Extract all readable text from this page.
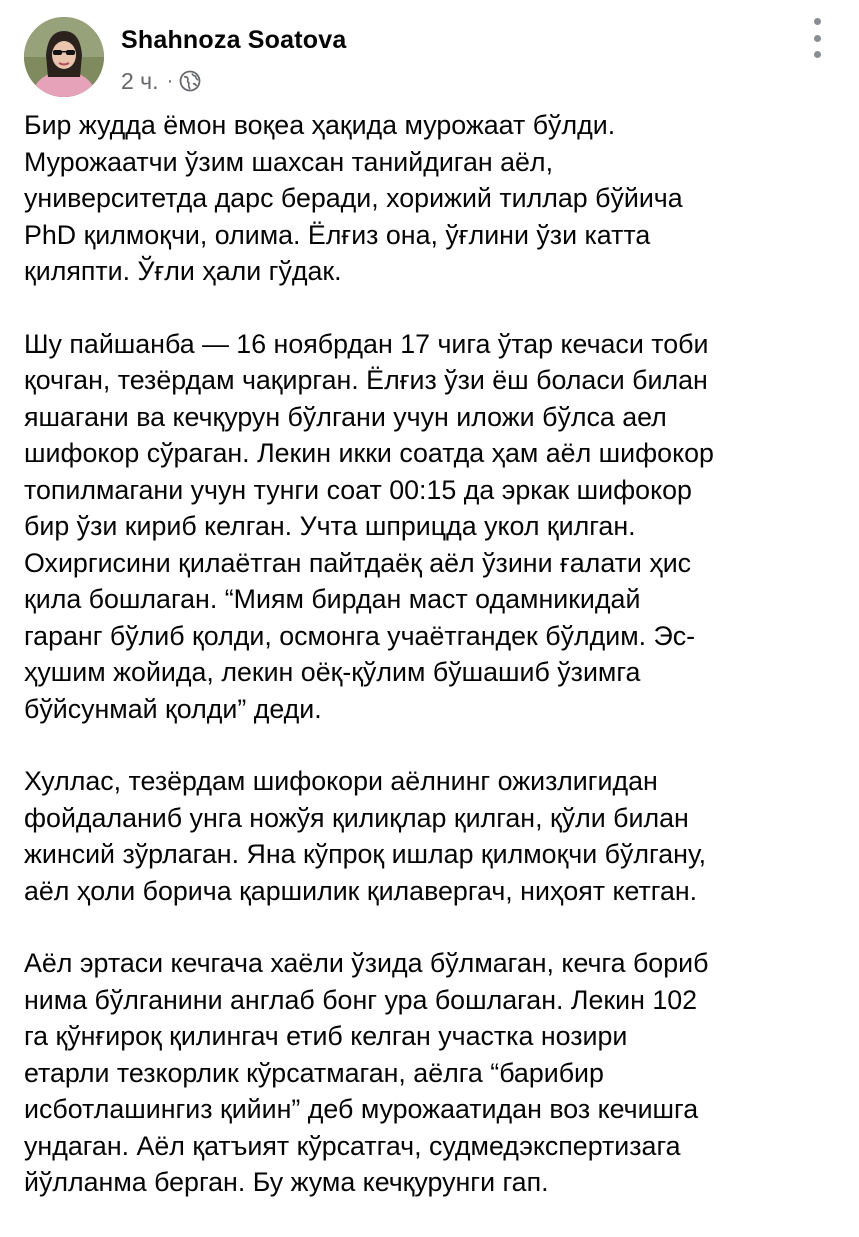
Shahnoza Soatova
2 ч. ·

Бир жудда ёмон воқеа ҳақида мурожаат бўлди.
Мурожаатчи ўзим шахсан танийдиган аёл,
университетда дарс беради, хорижий тиллар бўйича
PhD қилмоқчи, олима. Ёлғиз она, ўғлини ўзи катта
қиляпти. Ўғли ҳали гўдак.

Шу пайшанба — 16 ноябрдан 17 чига ўтар кечаси тоби
қочган, тезёрдам чақирган. Ёлғиз ўзи ёш боласи билан
яшагани ва кечқурун бўлгани учун иложи бўлса аел
шифокор сўраган. Лекин икки соатда ҳам аёл шифокор
топилмагани учун тунги соат 00:15 да эркак шифокор
бир ўзи кириб келган. Учта шприцда укол қилган.
Охиргисини қилаётган пайтдаёқ аёл ўзини ғалати ҳис
қила бошлаган. “Миям бирдан маст одамникидай
гаранг бўлиб қолди, осмонга учаётгандек бўлдим. Эс-
ҳушим жойида, лекин оёқ-қўлим бўшашиб ўзимга
бўйсунмай қолди” деди.

Хуллас, тезёрдам шифокори аёлнинг ожизлигидан
фойдаланиб унга ножўя қилиқлар қилган, қўли билан
жинсий зўрлаган. Яна кўпроқ ишлар қилмоқчи бўлгану,
аёл ҳоли борича қаршилик қилавергач, ниҳоят кетган.

Аёл эртаси кечгача хаёли ўзида бўлмаган, кечга бориб
нима бўлганини англаб бонг ура бошлаган. Лекин 102
га қўнғироқ қилингач етиб келган участка нозири
етарли тезкорлик кўрсатмаган, аёлга “барибир
исботлашингиз қийин” деб мурожаатидан воз кечишга
ундаган. Аёл қатъият кўрсатгач, судмедэкспертизага
йўлланма берган. Бу жума кечқурунги гап.
